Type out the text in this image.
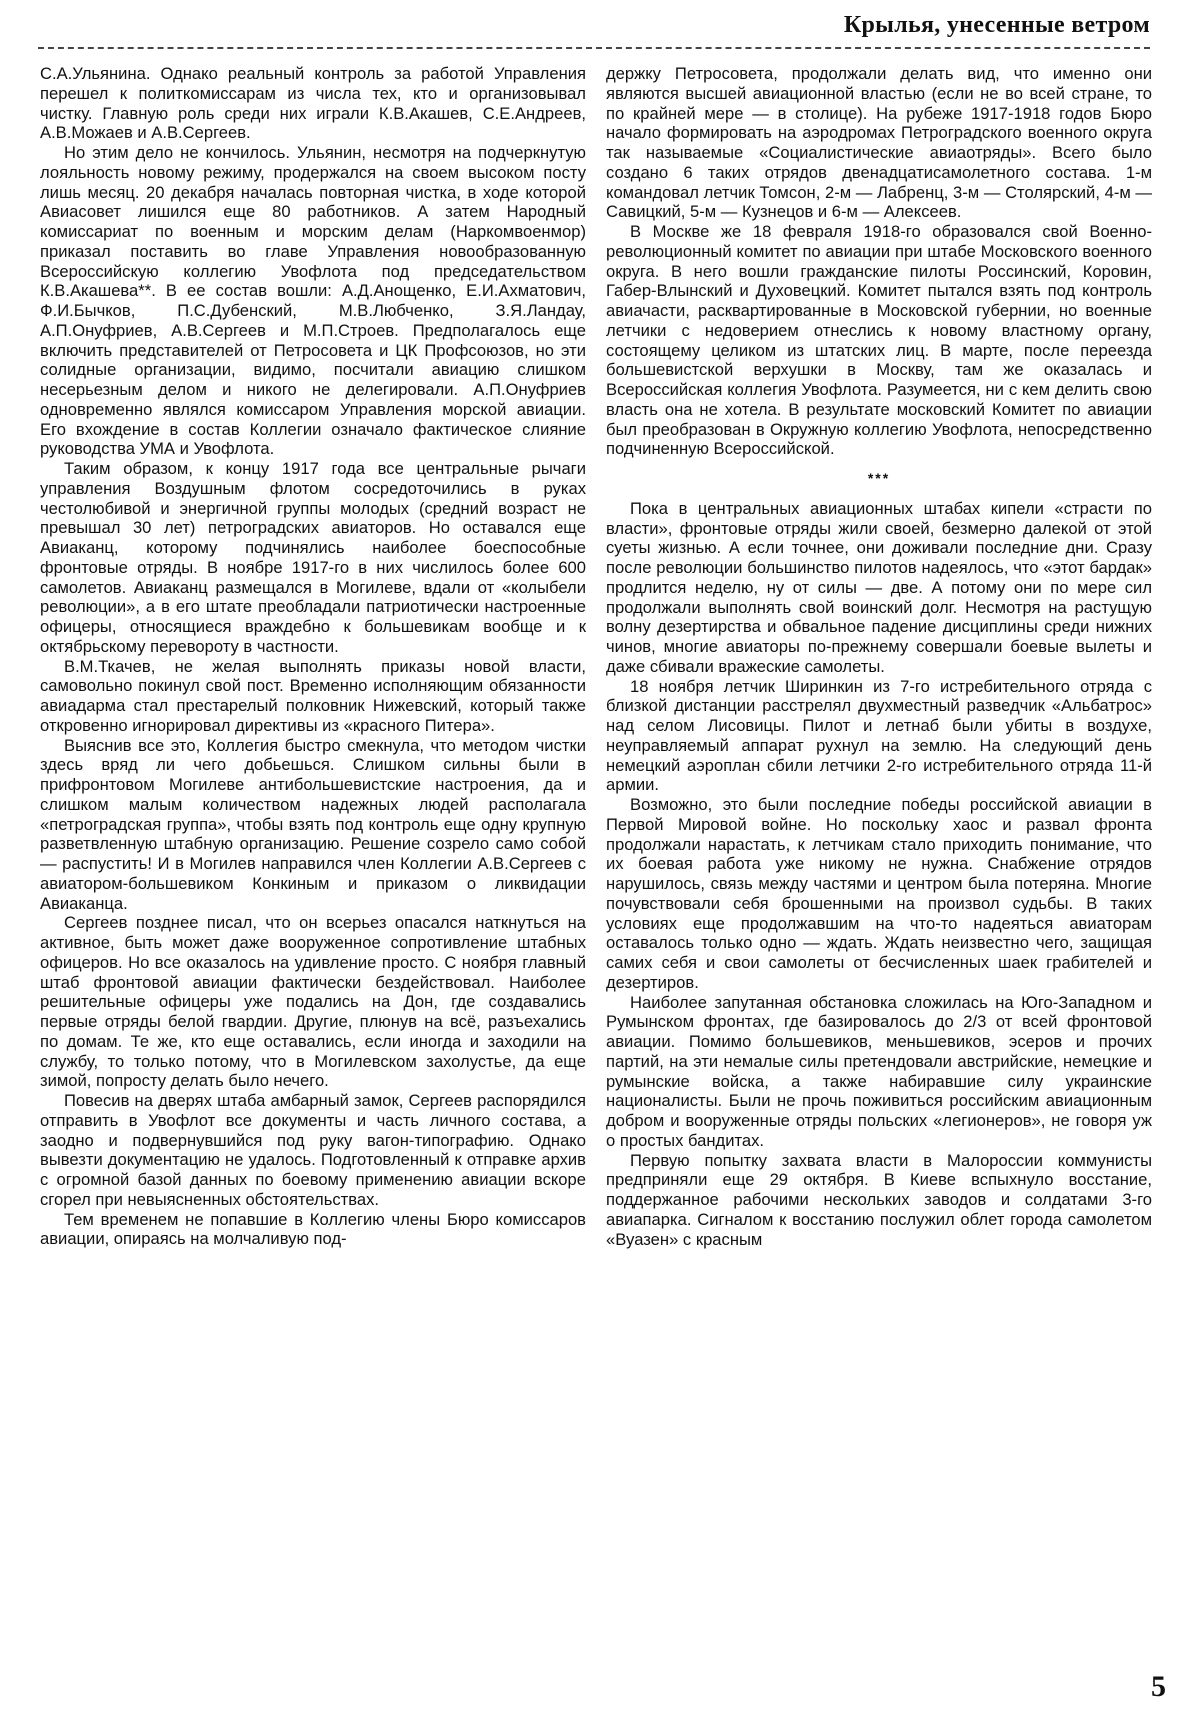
Крылья, унесенные ветром

С.А.Ульянина. Однако реальный контроль за работой Управления перешел к политкомиссарам из числа тех, кто и организовывал чистку. Главную роль среди них играли К.В.Акашев, С.Е.Андреев, А.В.Можаев и А.В.Сергеев.

Но этим дело не кончилось. Ульянин, несмотря на подчеркнутую лояльность новому режиму, продержался на своем высоком посту лишь месяц. 20 декабря началась повторная чистка, в ходе которой Авиасовет лишился еще 80 работников. А затем Народный комиссариат по военным и морским делам (Наркомвоенмор) приказал поставить во главе Управления новообразованную Всероссийскую коллегию Увофлота под председательством К.В.Акашева**. В ее состав вошли: А.Д.Анощенко, Е.И.Ахматович, Ф.И.Бычков, П.С.Дубенский, М.В.Любченко, З.Я.Ландау, А.П.Онуфриев, А.В.Сергеев и М.П.Строев. Предполагалось еще включить представителей от Петросовета и ЦК Профсоюзов, но эти солидные организации, видимо, посчитали авиацию слишком несерьезным делом и никого не делегировали. А.П.Онуфриев одновременно являлся комиссаром Управления морской авиации. Его вхождение в состав Коллегии означало фактическое слияние руководства УМА и Увофлота.

Таким образом, к концу 1917 года все центральные рычаги управления Воздушным флотом сосредоточились в руках честолюбивой и энергичной группы молодых (средний возраст не превышал 30 лет) петроградских авиаторов. Но оставался еще Авиаканц, которому подчинялись наиболее боеспособные фронтовые отряды. В ноябре 1917-го в них числилось более 600 самолетов. Авиаканц размещался в Могилеве, вдали от «колыбели революции», а в его штате преобладали патриотически настроенные офицеры, относящиеся враждебно к большевикам вообще и к октябрьскому перевороту в частности.

В.М.Ткачев, не желая выполнять приказы новой власти, самовольно покинул свой пост. Временно исполняющим обязанности авиадарма стал престарелый полковник Нижевский, который также откровенно игнорировал директивы из «красного Питера».

Выяснив все это, Коллегия быстро смекнула, что методом чистки здесь вряд ли чего добьешься. Слишком сильны были в прифронтовом Могилеве антибольшевистские настроения, да и слишком малым количеством надежных людей располагала «петроградская группа», чтобы взять под контроль еще одну крупную разветвленную штабную организацию. Решение созрело само собой — распустить! И в Могилев направился член Коллегии А.В.Сергеев с авиатором-большевиком Конкиным и приказом о ликвидации Авиаканца.

Сергеев позднее писал, что он всерьез опасался наткнуться на активное, быть может даже вооруженное сопротивление штабных офицеров. Но все оказалось на удивление просто. С ноября главный штаб фронтовой авиации фактически бездействовал. Наиболее решительные офицеры уже подались на Дон, где создавались первые отряды белой гвардии. Другие, плюнув на всё, разъехались по домам. Те же, кто еще оставались, если иногда и заходили на службу, то только потому, что в Могилевском захолустье, да еще зимой, попросту делать было нечего.

Повесив на дверях штаба амбарный замок, Сергеев распорядился отправить в Увофлот все документы и часть личного состава, а заодно и подвернувшийся под руку вагон-типографию. Однако вывезти документацию не удалось. Подготовленный к отправке архив с огромной базой данных по боевому применению авиации вскоре сгорел при невыясненных обстоятельствах.

Тем временем не попавшие в Коллегию члены Бюро комиссаров авиации, опираясь на молчаливую под-

держку Петросовета, продолжали делать вид, что именно они являются высшей авиационной властью (если не во всей стране, то по крайней мере — в столице). На рубеже 1917-1918 годов Бюро начало формировать на аэродромах Петроградского военного округа так называемые «Социалистические авиаотряды». Всего было создано 6 таких отрядов двенадцатисамолетного состава. 1-м командовал летчик Томсон, 2-м — Лабренц, 3-м — Столярский, 4-м — Савицкий, 5-м — Кузнецов и 6-м — Алексеев.

В Москве же 18 февраля 1918-го образовался свой Военно-революционный комитет по авиации при штабе Московского военного округа. В него вошли гражданские пилоты Россинский, Коровин, Габер-Влынский и Духовецкий. Комитет пытался взять под контроль авиачасти, расквартированные в Московской губернии, но военные летчики с недоверием отнеслись к новому властному органу, состоящему целиком из штатских лиц. В марте, после переезда большевистской верхушки в Москву, там же оказалась и Всероссийская коллегия Увофлота. Разумеется, ни с кем делить свою власть она не хотела. В результате московский Комитет по авиации был преобразован в Окружную коллегию Увофлота, непосредственно подчиненную Всероссийской.

***

Пока в центральных авиационных штабах кипели «страсти по власти», фронтовые отряды жили своей, безмерно далекой от этой суеты жизнью. А если точнее, они доживали последние дни. Сразу после революции большинство пилотов надеялось, что «этот бардак» продлится неделю, ну от силы — две. А потому они по мере сил продолжали выполнять свой воинский долг. Несмотря на растущую волну дезертирства и обвальное падение дисциплины среди нижних чинов, многие авиаторы по-прежнему совершали боевые вылеты и даже сбивали вражеские самолеты.

18 ноября летчик Ширинкин из 7-го истребительного отряда с близкой дистанции расстрелял двухместный разведчик «Альбатрос» над селом Лисовицы. Пилот и летнаб были убиты в воздухе, неуправляемый аппарат рухнул на землю. На следующий день немецкий аэроплан сбили летчики 2-го истребительного отряда 11-й армии.

Возможно, это были последние победы российской авиации в Первой Мировой войне. Но поскольку хаос и развал фронта продолжали нарастать, к летчикам стало приходить понимание, что их боевая работа уже никому не нужна. Снабжение отрядов нарушилось, связь между частями и центром была потеряна. Многие почувствовали себя брошенными на произвол судьбы. В таких условиях еще продолжавшим на что-то надеяться авиаторам оставалось только одно — ждать. Ждать неизвестно чего, защищая самих себя и свои самолеты от бесчисленных шаек грабителей и дезертиров.

Наиболее запутанная обстановка сложилась на Юго-Западном и Румынском фронтах, где базировалось до 2/3 от всей фронтовой авиации. Помимо большевиков, меньшевиков, эсеров и прочих партий, на эти немалые силы претендовали австрийские, немецкие и румынские войска, а также набиравшие силу украинские националисты. Были не прочь поживиться российским авиационным добром и вооруженные отряды польских «легионеров», не говоря уж о простых бандитах.

Первую попытку захвата власти в Малороссии коммунисты предприняли еще 29 октября. В Киеве вспыхнуло восстание, поддержанное рабочими нескольких заводов и солдатами 3-го авиапарка. Сигналом к восстанию послужил облет города самолетом «Вуазен» с красным

5
